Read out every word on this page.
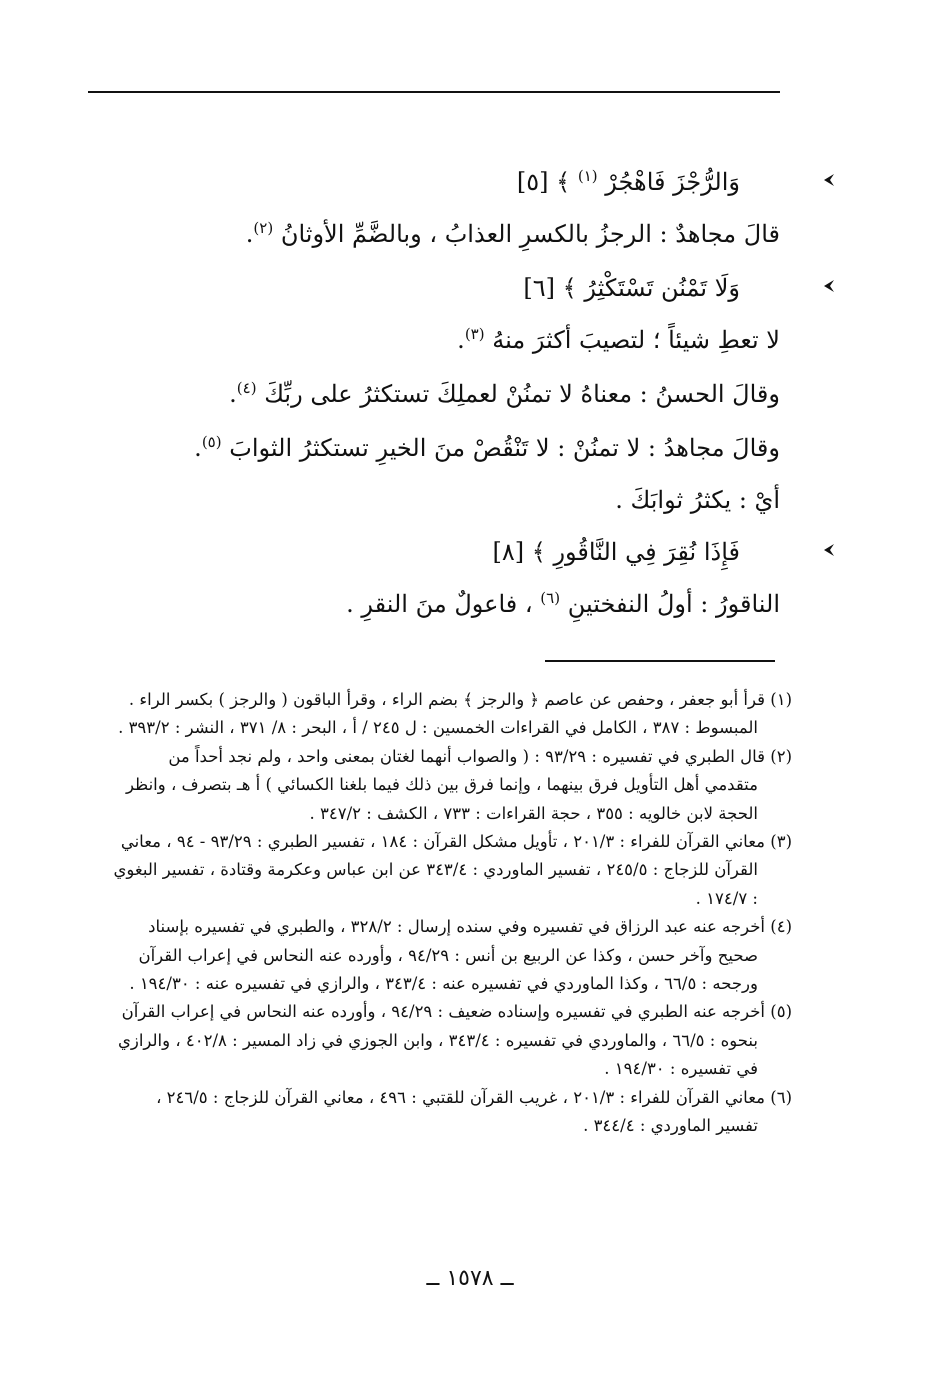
وَالرُّجْزَ فَاهْجُرْ $^{(١)}$ ﴾ [٥]
قالَ مجاهدٌ : الرجزُ بالكسرِ العذابُ ، وبالضَّمِّ الأوثانُ $^{(٢)}$.
وَلَا تَمْنُن تَسْتَكْثِرُ ﴾ [٦]
لا تعطِ شيئاً ؛ لتصيبَ أكثرَ منهُ $^{(٣)}$.
وقالَ الحسنُ : معناهُ لا تمنُنْ لعملِكَ تستكثرُ على ربِّكَ $^{(٤)}$.
وقالَ مجاهدُ : لا تمنُنْ : لا تَنْقُصْ منَ الخيرِ تستكثرُ الثوابَ $^{(٥)}$.
أيْ : يكثرُ ثوابَكَ .
فَإِذَا نُقِرَ فِي النَّاقُورِ ﴾ [٨]
الناقورُ : أولُ النفختينِ $^{(٦)}$ ، فاعولٌ منَ النقرِ .
(١) قرأ أبو جعفر ، وحفص عن عاصم ﴿ والرجز ﴾ بضم الراء ، وقرأ الباقون ( والرجز ) بكسر الراء .
المبسوط : ٣٨٧ ، الكامل في القراءات الخمسين : ل ٢٤٥ / أ ، البحر : ٨/ ٣٧١ ، النشر : ٣٩٣/٢ .
(٢) قال الطبري في تفسيره : ٩٣/٢٩ : ( والصواب أنهما لغتان بمعنى واحد ، ولم نجد أحداً من
متقدمي أهل التأويل فرق بينهما ، وإنما فرق بين ذلك فيما بلغنا الكسائي ) أ هـ بتصرف ، وانظر
الحجة لابن خالويه : ٣٥٥ ، حجة القراءات : ٧٣٣ ، الكشف : ٣٤٧/٢ .
(٣) معاني القرآن للفراء : ٢٠١/٣ ، تأويل مشكل القرآن : ١٨٤ ، تفسير الطبري : ٩٣/٢٩ - ٩٤ ، معاني
القرآن للزجاج : ٢٤٥/٥ ، تفسير الماوردي : ٣٤٣/٤ عن ابن عباس وعكرمة وقتادة ، تفسير البغوي
: ١٧٤/٧ .
(٤) أخرجه عنه عبد الرزاق في تفسيره وفي سنده إرسال : ٣٢٨/٢ ، والطبري في تفسيره بإسناد
صحيح وآخر حسن ، وكذا عن الربيع بن أنس : ٩٤/٢٩ ، وأورده عنه النحاس في إعراب القرآن
ورجحه : ٦٦/٥ ، وكذا الماوردي في تفسيره عنه : ٣٤٣/٤ ، والرازي في تفسيره عنه : ١٩٤/٣٠ .
(٥) أخرجه عنه الطبري في تفسيره وإسناده ضعيف : ٩٤/٢٩ ، وأورده عنه النحاس في إعراب القرآن
بنحوه : ٦٦/٥ ، والماوردي في تفسيره : ٣٤٣/٤ ، وابن الجوزي في زاد المسير : ٤٠٢/٨ ، والرازي
في تفسيره : ١٩٤/٣٠ .
(٦) معاني القرآن للفراء : ٢٠١/٣ ، غريب القرآن للقتبي : ٤٩٦ ، معاني القرآن للزجاج : ٢٤٦/٥ ،
تفسير الماوردي : ٣٤٤/٤ .
ــ ١٥٧٨ ــ
